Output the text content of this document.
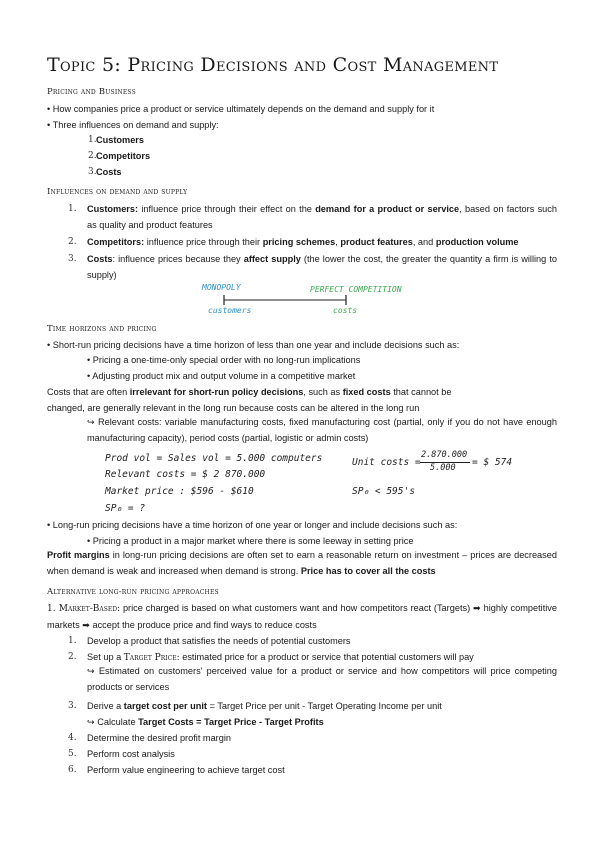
Topic 5: Pricing Decisions and Cost Management
Pricing and Business
• How companies price a product or service ultimately depends on the demand and supply for it
• Three influences on demand and supply:
1. Customers
2. Competitors
3. Costs
Influences on demand and supply
1. Customers: influence price through their effect on the demand for a product or service, based on factors such as quality and product features
2. Competitors: influence price through their pricing schemes, product features, and production volume
3. Costs: influence prices because they affect supply (the lower the cost, the greater the quantity a firm is willing to supply)
MONOPOLY
customers
PERFECT COMPETITION
costs
Time horizons and pricing
• Short-run pricing decisions have a time horizon of less than one year and include decisions such as:
• Pricing a one-time-only special order with no long-run implications
• Adjusting product mix and output volume in a competitive market
Costs that are often irrelevant for short-run policy decisions, such as fixed costs that cannot be
changed, are generally relevant in the long run because costs can be altered in the long run
↪ Relevant costs: variable manufacturing costs, fixed manufacturing cost (partial, only if you do not have enough manufacturing capacity), period costs (partial, logistic or admin costs)
Prod vol = Sales vol = 5.000 computers
Relevant costs = $ 2 870.000
Market price : $596 - $610
SP₀ = ?
Unit costs =
2.870.000
5.000 = $ 574
SP₀ < 595's
• Long-run pricing decisions have a time horizon of one year or longer and include decisions such as:
• Pricing a product in a major market where there is some leeway in setting price
Profit margins in long-run pricing decisions are often set to earn a reasonable return on investment – prices are decreased when demand is weak and increased when demand is strong. Price has to cover all the costs
Alternative long-run pricing approaches
1. Market-Based: price charged is based on what customers want and how competitors react (Targets) ➡ highly competitive markets ➡ accept the produce price and find ways to reduce costs
1. Develop a product that satisfies the needs of potential customers
2. Set up a Target Price: estimated price for a product or service that potential customers will pay
↪ Estimated on customers' perceived value for a product or service and how competitors will price competing products or services
3. Derive a target cost per unit = Target Price per unit - Target Operating Income per unit
↪ Calculate Target Costs = Target Price - Target Profits
4. Determine the desired profit margin
5. Perform cost analysis
6. Perform value engineering to achieve target cost
